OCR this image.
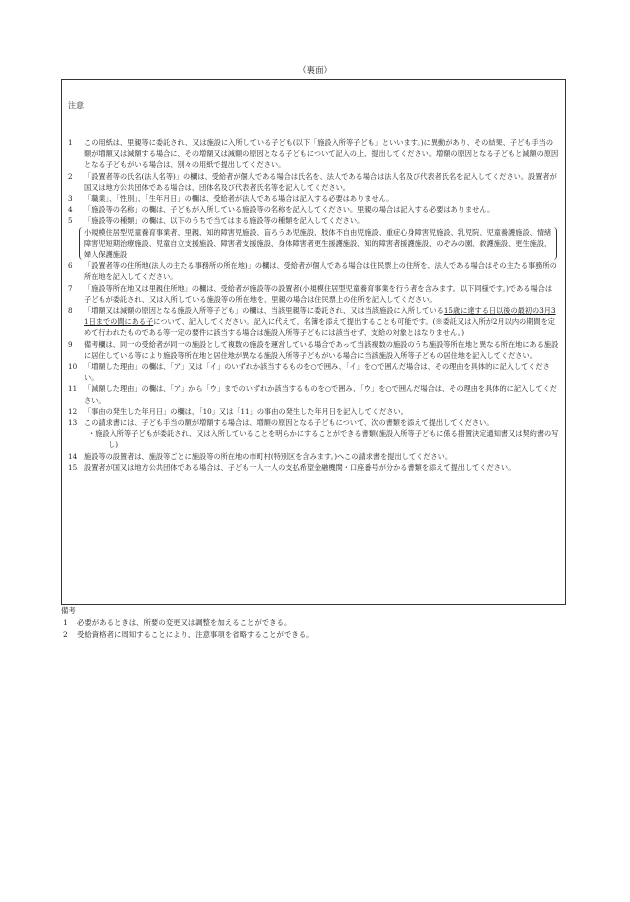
（裏面）
注意

1 この用紙は、里親等に委託され、又は施設に入所している子ども(以下「施設入所等子ども」といいます。)に異動があり、その結果、子ども手当の額が増額又は減額する場合に、その増額又は減額の原因となる子どもについて記入の上、提出してください。増額の原因となる子どもと減額の原因となる子どもがいる場合は、別々の用紙で提出してください。

2 「設置者等の氏名(法人名等)」の欄は、受給者が個人である場合は氏名を、法人である場合は法人名及び代表者氏名を記入してください。設置者が国又は地方公共団体である場合は、団体名及び代表者氏名等を記入してください。

3 「職業」、「性別」、「生年月日」の欄は、受給者が法人である場合は記入する必要はありません。

4 「施設等の名称」の欄は、子どもが入所している施設等の名称を記入してください。里親の場合は記入する必要はありません。

5 「施設等の種類」の欄は、以下のうちで当てはまる施設等の種類を記入してください。

小規模住居型児童養育事業者、里親、知的障害児施設、盲ろうあ児施設、肢体不自由児施設、重症心身障害児施設、乳児院、児童養護施設、情緒障害児短期治療施設、児童自立支援施設、障害者支援施設、身体障害者更生援護施設、知的障害者援護施設、のぞみの園、救護施設、更生施設、婦人保護施設

6 「設置者等の住所地(法人の主たる事務所の所在地)」の欄は、受給者が個人である場合は住民票上の住所を、法人である場合はその主たる事務所の所在地を記入してください。

7 「施設等所在地又は里親住所地」の欄は、受給者が施設等の設置者(小規模住居型児童養育事業を行う者を含みます。以下同様です。)である場合は子どもが委託され、又は入所している施設等の所在地を、里親の場合は住民票上の住所を記入してください。

8 「増額又は減額の原因となる施設入所等子ども」の欄は、当該里親等に委託され、又は当該施設に入所している15歳に達する日以後の最初の3月31日までの間にある子について、記入してください。記入に代えて、名簿を添えて提出することも可能です。(※委託又は入所が2月以内の期間を定めて行われたものである等一定の要件に該当する場合は施設入所等子どもには該当せず、支給の対象とはなりません。)

9 備考欄は、同一の受給者が同一の施設として複数の施設を運営している場合であって当該複数の施設のうち施設等所在地と異なる所在地にある施設に居住している等により施設等所在地と居住地が異なる施設入所等子どもがいる場合に当該施設入所等子どもの居住地を記入してください。

10 「増額した理由」の欄は、「ア」又は「イ」のいずれか該当するものを○で囲み、「イ」を○で囲んだ場合は、その理由を具体的に記入してください。

11 「減額した理由」の欄は、「ア」から「ウ」までのいずれか該当するものを○で囲み、「ウ」を○で囲んだ場合は、その理由を具体的に記入してください。

12 「事由の発生した年月日」の欄は、「10」又は「11」の事由の発生した年月日を記入してください。

13 この請求書には、子ども手当の額が増額する場合は、増額の原因となる子どもについて、次の書類を添えて提出してください。

・施設入所等子どもが委託され、又は入所していることを明らかにすることができる書類(施設入所等子どもに係る措置決定通知書又は契約書の写し)

14 施設等の設置者は、施設等ごとに施設等の所在地の市町村(特別区を含みます。)へこの請求書を提出してください。

15 設置者が国又は地方公共団体である場合は、子ども一人一人の支払希望金融機関・口座番号が分かる書類を添えて提出してください。

備考

1 必要があるときは、所要の変更又は調整を加えることができる。

2 受給資格者に周知することにより、注意事項を省略することができる。
